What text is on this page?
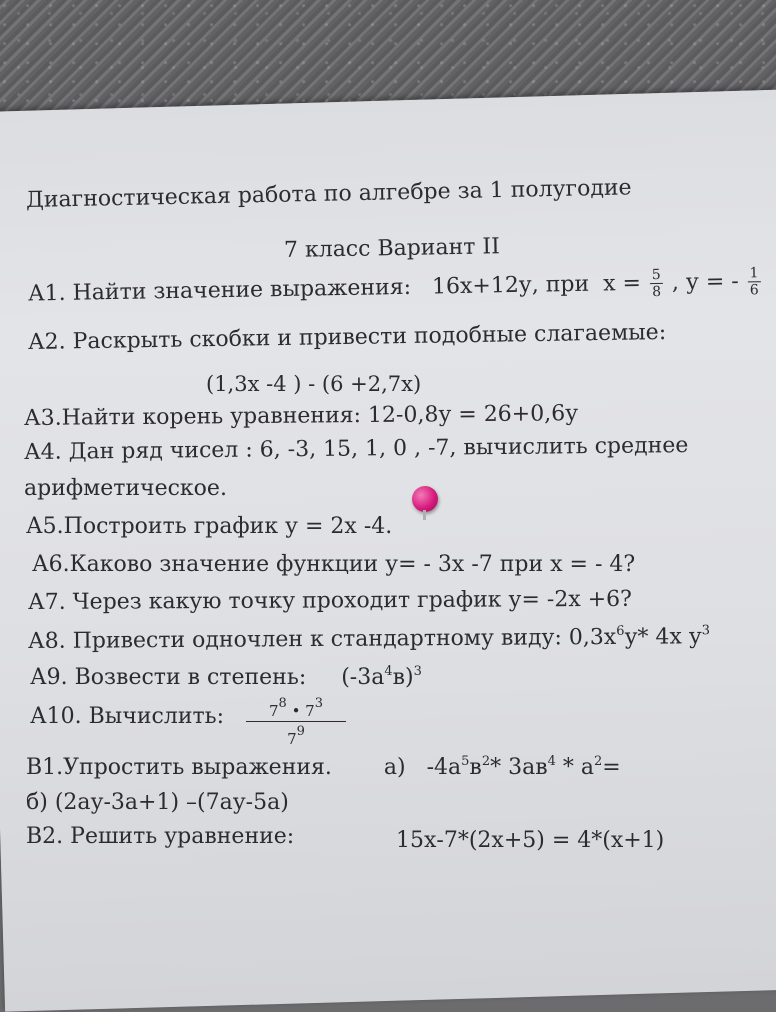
Диагностическая работа по алгебре за 1 полугодие
7 класс Вариант II
А1. Найти значение выражения: 16х+12у, при $х = \frac{5}{8}$ , у = - $\frac{1}{6}$
А2. Раскрыть скобки и привести подобные слагаемые:
(1,3х -4 ) - (6 +2,7х)
А3.Найти корень уравнения: 12-0,8у = 26+0,6у
А4. Дан ряд чисел : 6, -3, 15, 1, 0 , -7, вычислить среднее
арифметическое.
А5.Построить график у = 2х -4.
А6.Каково значение функции у= - 3х -7 при х = - 4?
А7. Через какую точку проходит график у= -2х +6?
А8. Привести одночлен к стандартному виду: $0,3х^6у*$ 4х $у^3$
А9. Возвести в степень: $(-3а^4в)^3$
А10. Вычислить: $\frac{7^8 • 7^3}{7^9}$
В1.Упростить выражения. а) $-4а^5в^2*$ $3ав^4 * а^2=$
б) (2ау-3а+1) –(7ау-5а)
В2. Решить уравнение:	15х-7*(2х+5) = 4*(х+1)
